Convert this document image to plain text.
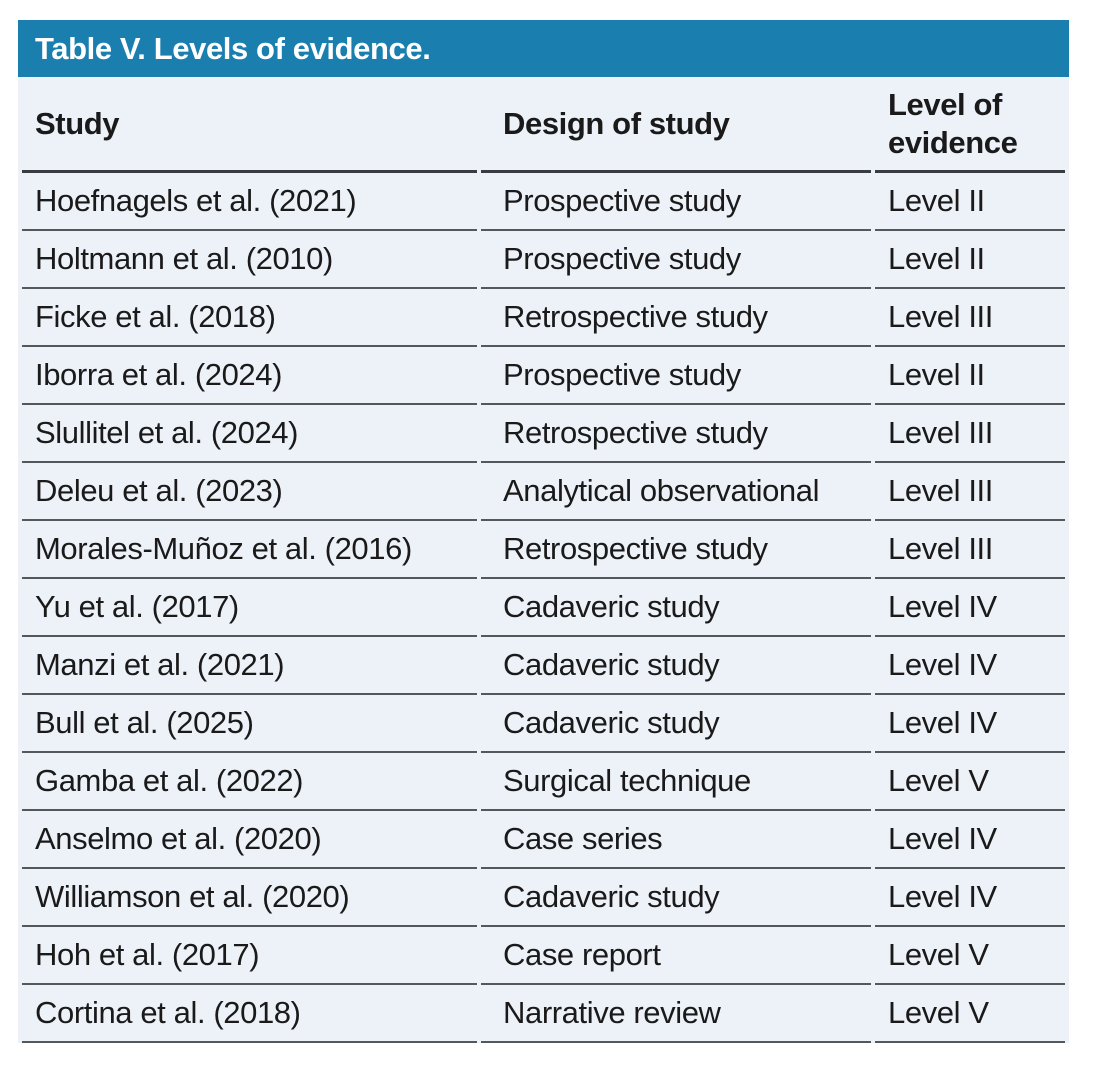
Table V. Levels of evidence.
Study	Design of study	Level of evidence
Hoefnagels et al. (2021)	Prospective study	Level II
Holtmann et al. (2010)	Prospective study	Level II
Ficke et al. (2018)	Retrospective study	Level III
Iborra et al. (2024)	Prospective study	Level II
Slullitel et al. (2024)	Retrospective study	Level III
Deleu et al. (2023)	Analytical observational	Level III
Morales-Muñoz et al. (2016)	Retrospective study	Level III
Yu et al. (2017)	Cadaveric study	Level IV
Manzi et al. (2021)	Cadaveric study	Level IV
Bull et al. (2025)	Cadaveric study	Level IV
Gamba et al. (2022)	Surgical technique	Level V
Anselmo et al. (2020)	Case series	Level IV
Williamson et al. (2020)	Cadaveric study	Level IV
Hoh et al. (2017)	Case report	Level V
Cortina et al. (2018)	Narrative review	Level V
